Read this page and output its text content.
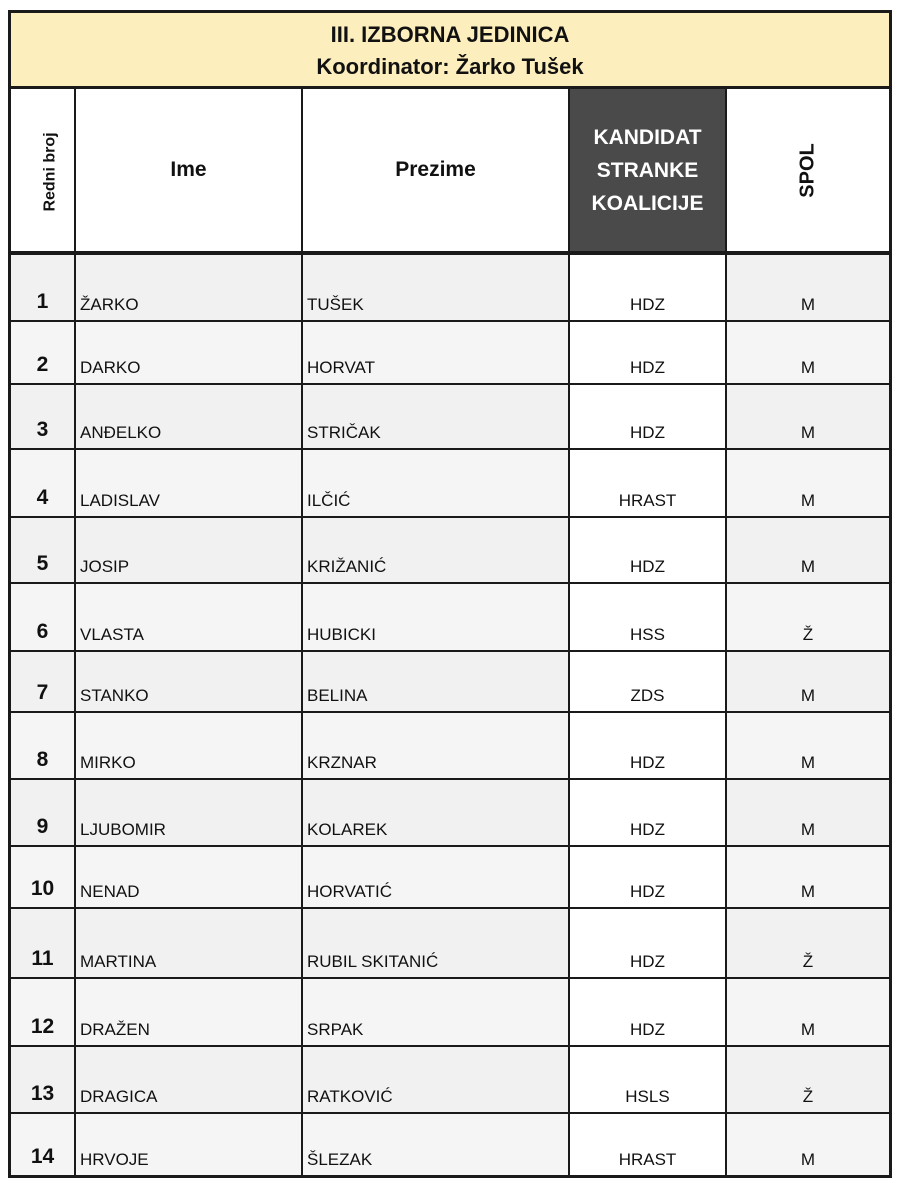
III. IZBORNA JEDINICA
Koordinator: Žarko Tušek
Redni broj	Ime	Prezime	KANDIDAT
STRANKE
KOALICIJE	SPOL
1	ŽARKO	TUŠEK	HDZ	M
2	DARKO	HORVAT	HDZ	M
3	ANĐELKO	STRIČAK	HDZ	M
4	LADISLAV	ILČIĆ	HRAST	M
5	JOSIP	KRIŽANIĆ	HDZ	M
6	VLASTA	HUBICKI	HSS	Ž
7	STANKO	BELINA	ZDS	M
8	MIRKO	KRZNAR	HDZ	M
9	LJUBOMIR	KOLAREK	HDZ	M
10	NENAD	HORVATIĆ	HDZ	M
11	MARTINA	RUBIL SKITANIĆ	HDZ	Ž
12	DRAŽEN	SRPAK	HDZ	M
13	DRAGICA	RATKOVIĆ	HSLS	Ž
14	HRVOJE	ŠLEZAK	HRAST	M
